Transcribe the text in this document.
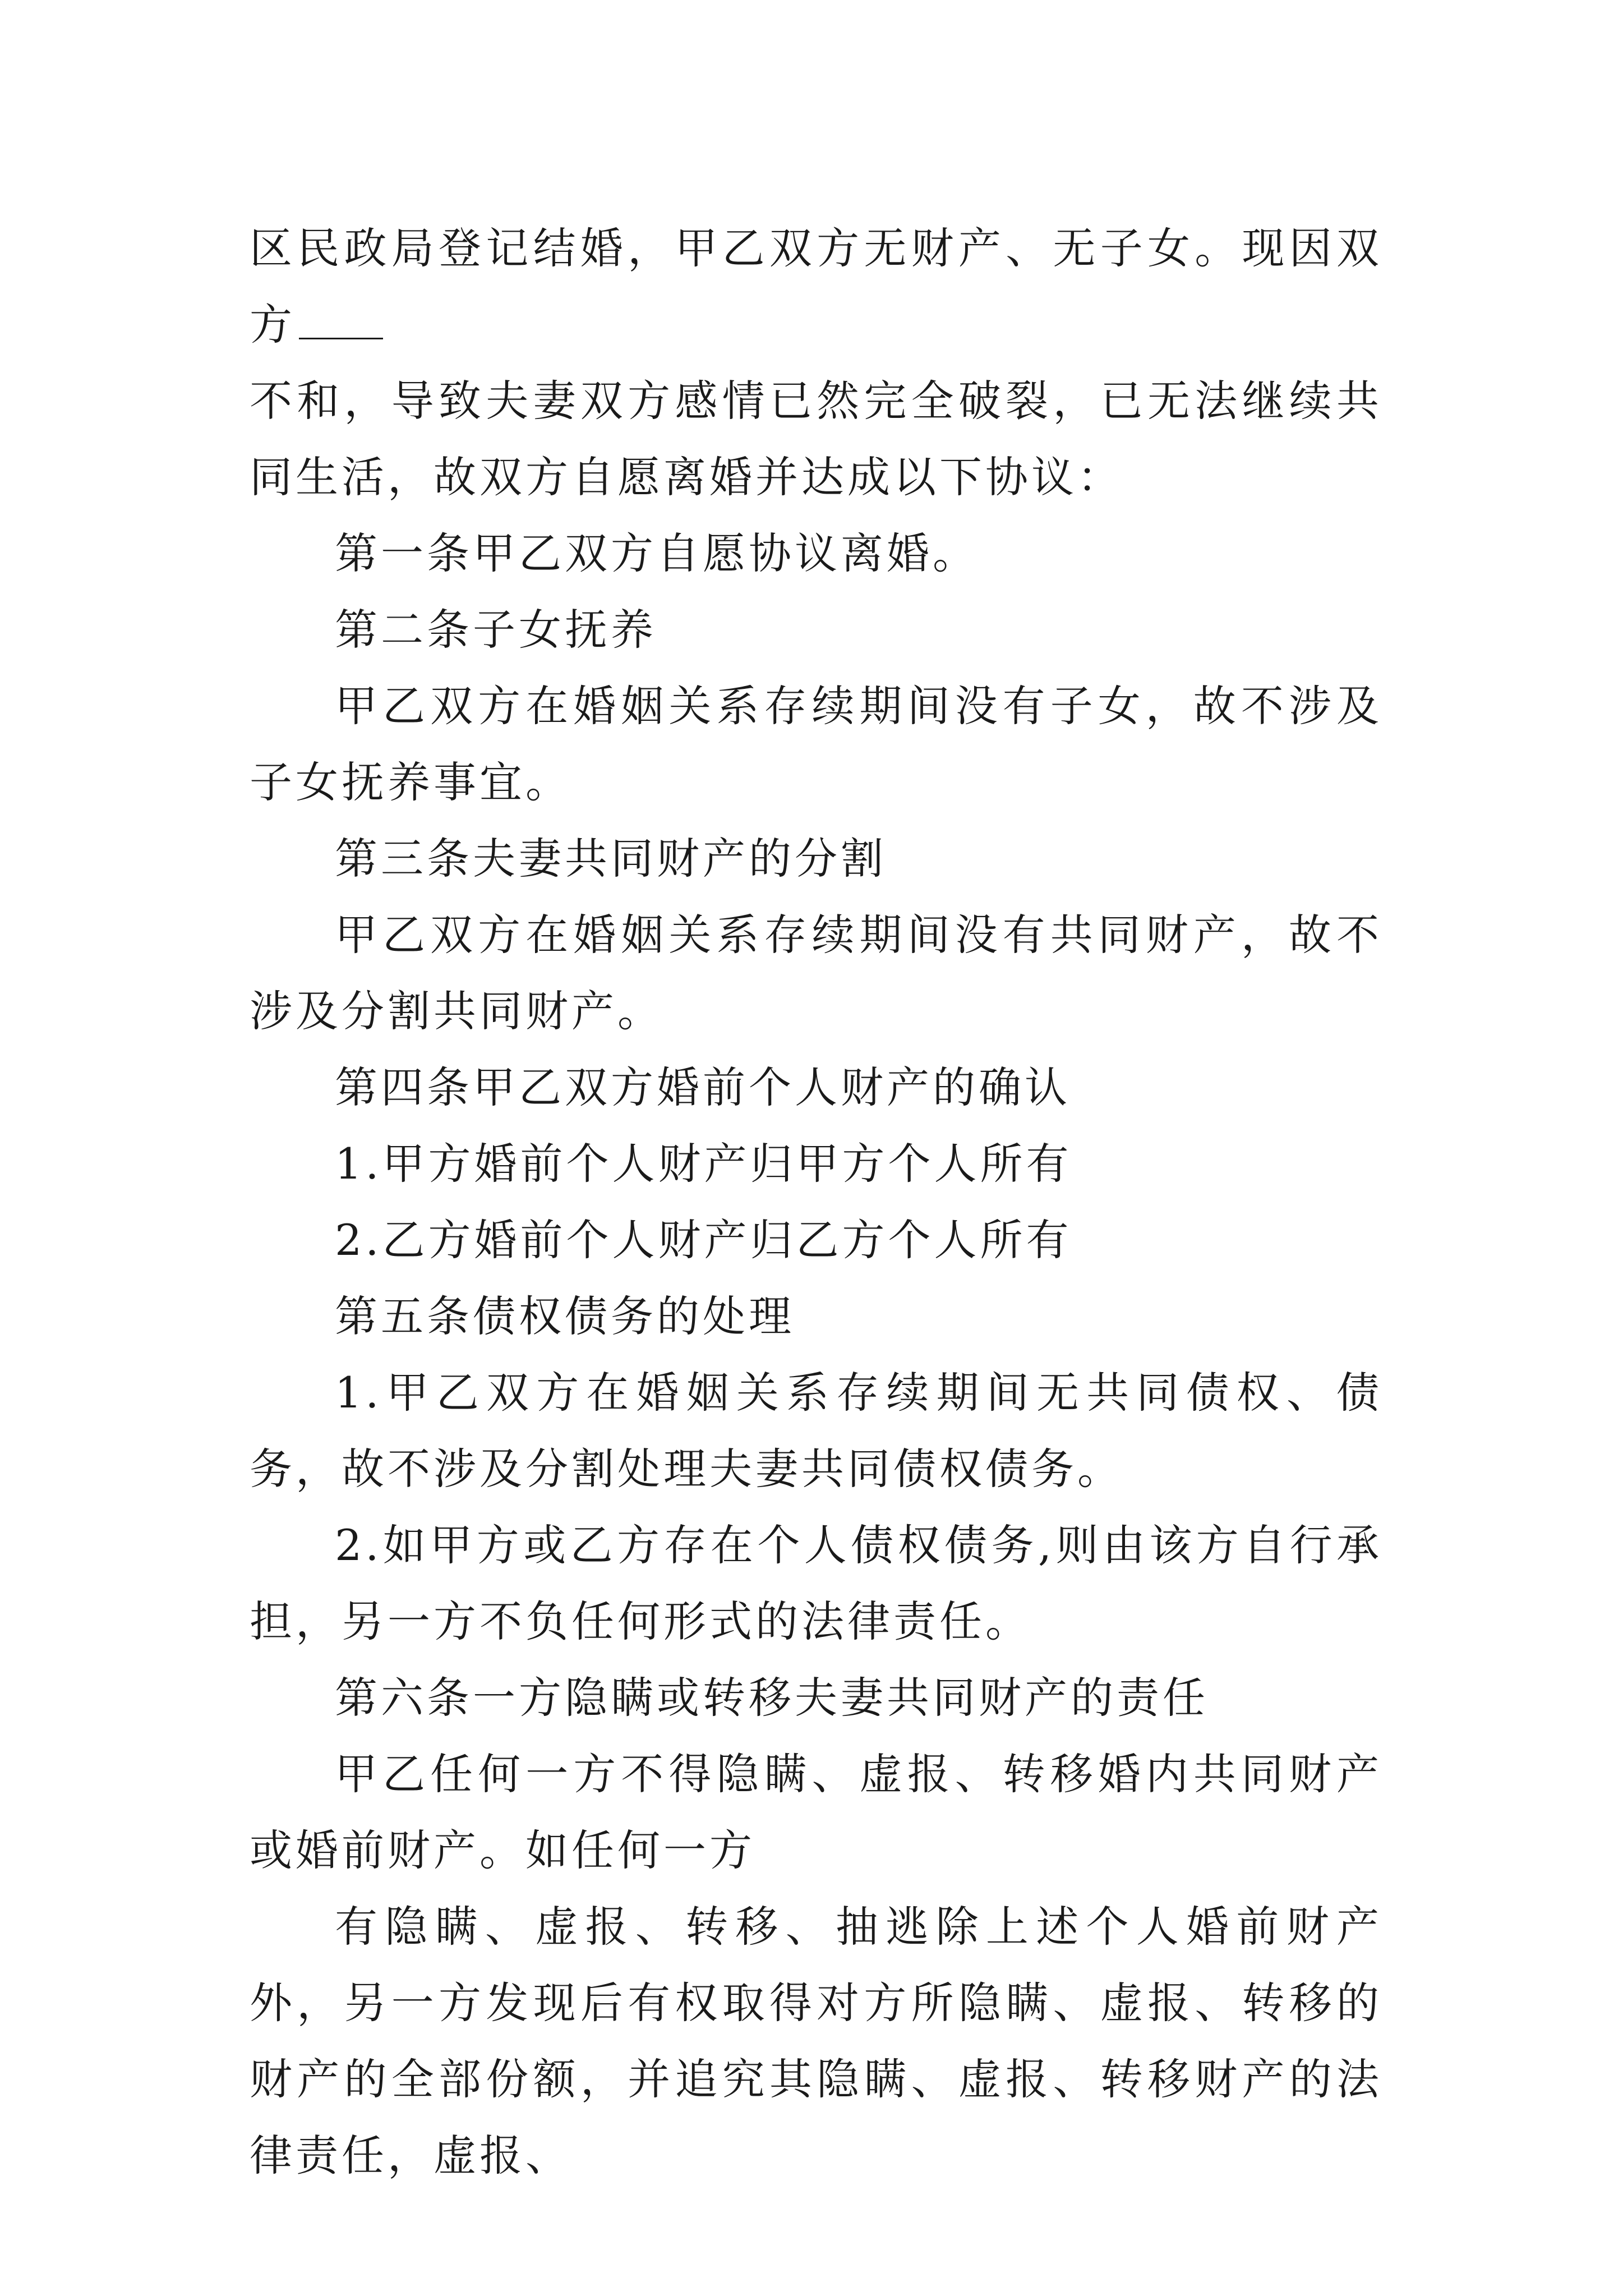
区民政局登记结婚，甲乙双方无财产、无子女。现因双方

不和，导致夫妻双方感情已然完全破裂，已无法继续共同生活，故双方自愿离婚并达成以下协议：

第一条甲乙双方自愿协议离婚。

第二条子女抚养

甲乙双方在婚姻关系存续期间没有子女，故不涉及子女抚养事宜。

第三条夫妻共同财产的分割

甲乙双方在婚姻关系存续期间没有共同财产，故不涉及分割共同财产。

第四条甲乙双方婚前个人财产的确认

1.甲方婚前个人财产归甲方个人所有

2.乙方婚前个人财产归乙方个人所有

第五条债权债务的处理

1.甲乙双方在婚姻关系存续期间无共同债权、债务，故不涉及分割处理夫妻共同债权债务。

2.如甲方或乙方存在个人债权债务,则由该方自行承担，另一方不负任何形式的法律责任。

第六条一方隐瞒或转移夫妻共同财产的责任

甲乙任何一方不得隐瞒、虚报、转移婚内共同财产或婚前财产。如任何一方

有隐瞒、虚报、转移、抽逃除上述个人婚前财产外，另一方发现后有权取得对方所隐瞒、虚报、转移的财产的全部份额，并追究其隐瞒、虚报、转移财产的法律责任，虚报、
